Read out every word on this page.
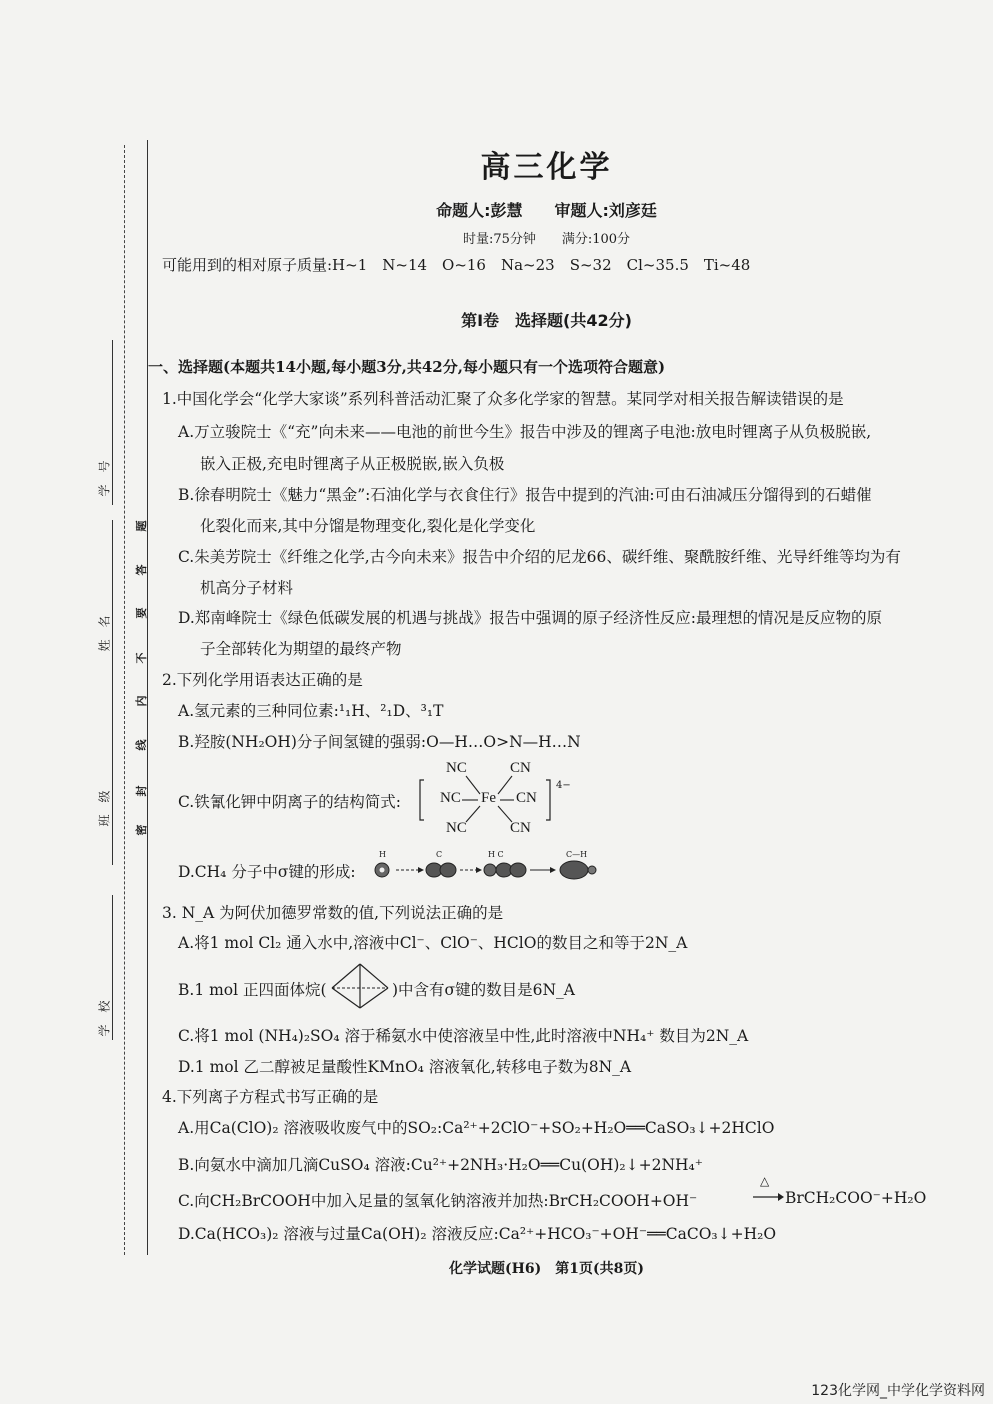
学　号
姓　名
班　级
学　校
密
封
线
内
不
要
答
题
高三化学
命题人:彭慧　　审题人:刘彦廷
时量:75分钟　　满分:100分
可能用到的相对原子质量:H~1　N~14　O~16　Na~23　S~32　Cl~35.5　Ti~48
第Ⅰ卷　选择题(共42分)
一、选择题(本题共14小题,每小题3分,共42分,每小题只有一个选项符合题意)
1.中国化学会“化学大家谈”系列科普活动汇聚了众多化学家的智慧。某同学对相关报告解读错误的是
A.万立骏院士《“充”向未来——电池的前世今生》报告中涉及的锂离子电池:放电时锂离子从负极脱嵌,
嵌入正极,充电时锂离子从正极脱嵌,嵌入负极
B.徐春明院士《魅力“黑金”:石油化学与衣食住行》报告中提到的汽油:可由石油减压分馏得到的石蜡催
化裂化而来,其中分馏是物理变化,裂化是化学变化
C.朱美芳院士《纤维之化学,古今向未来》报告中介绍的尼龙66、碳纤维、聚酰胺纤维、光导纤维等均为有
机高分子材料
D.郑南峰院士《绿色低碳发展的机遇与挑战》报告中强调的原子经济性反应:最理想的情况是反应物的原
子全部转化为期望的最终产物
2.下列化学用语表达正确的是
A.氢元素的三种同位素:¹₁H、²₁D、³₁T
B.羟胺(NH₂OH)分子间氢键的强弱:O—H…O>N—H…N
C.铁氰化钾中阴离子的结构简式:
NC	CN
NC Fe CN
NC	CN
4−
D.CH₄ 分子中σ键的形成:
H	C	H C	C—H
3. N_A 为阿伏加德罗常数的值,下列说法正确的是
A.将1 mol Cl₂ 通入水中,溶液中Cl⁻、ClO⁻、HClO的数目之和等于2N_A
B.1 mol 正四面体烷(	)中含有σ键的数目是6N_A
C.将1 mol (NH₄)₂SO₄ 溶于稀氨水中使溶液呈中性,此时溶液中NH₄⁺ 数目为2N_A
D.1 mol 乙二醇被足量酸性KMnO₄ 溶液氧化,转移电子数为8N_A
4.下列离子方程式书写正确的是
A.用Ca(ClO)₂ 溶液吸收废气中的SO₂:Ca²⁺+2ClO⁻+SO₂+H₂O══CaSO₃↓+2HClO
B.向氨水中滴加几滴CuSO₄ 溶液:Cu²⁺+2NH₃·H₂O══Cu(OH)₂↓+2NH₄⁺
C.向CH₂BrCOOH中加入足量的氢氧化钠溶液并加热:BrCH₂COOH+OH⁻
△
BrCH₂COO⁻+H₂O
D.Ca(HCO₃)₂ 溶液与过量Ca(OH)₂ 溶液反应:Ca²⁺+HCO₃⁻+OH⁻══CaCO₃↓+H₂O
化学试题(H6)　第1页(共8页)
123化学网_中学化学资料网
